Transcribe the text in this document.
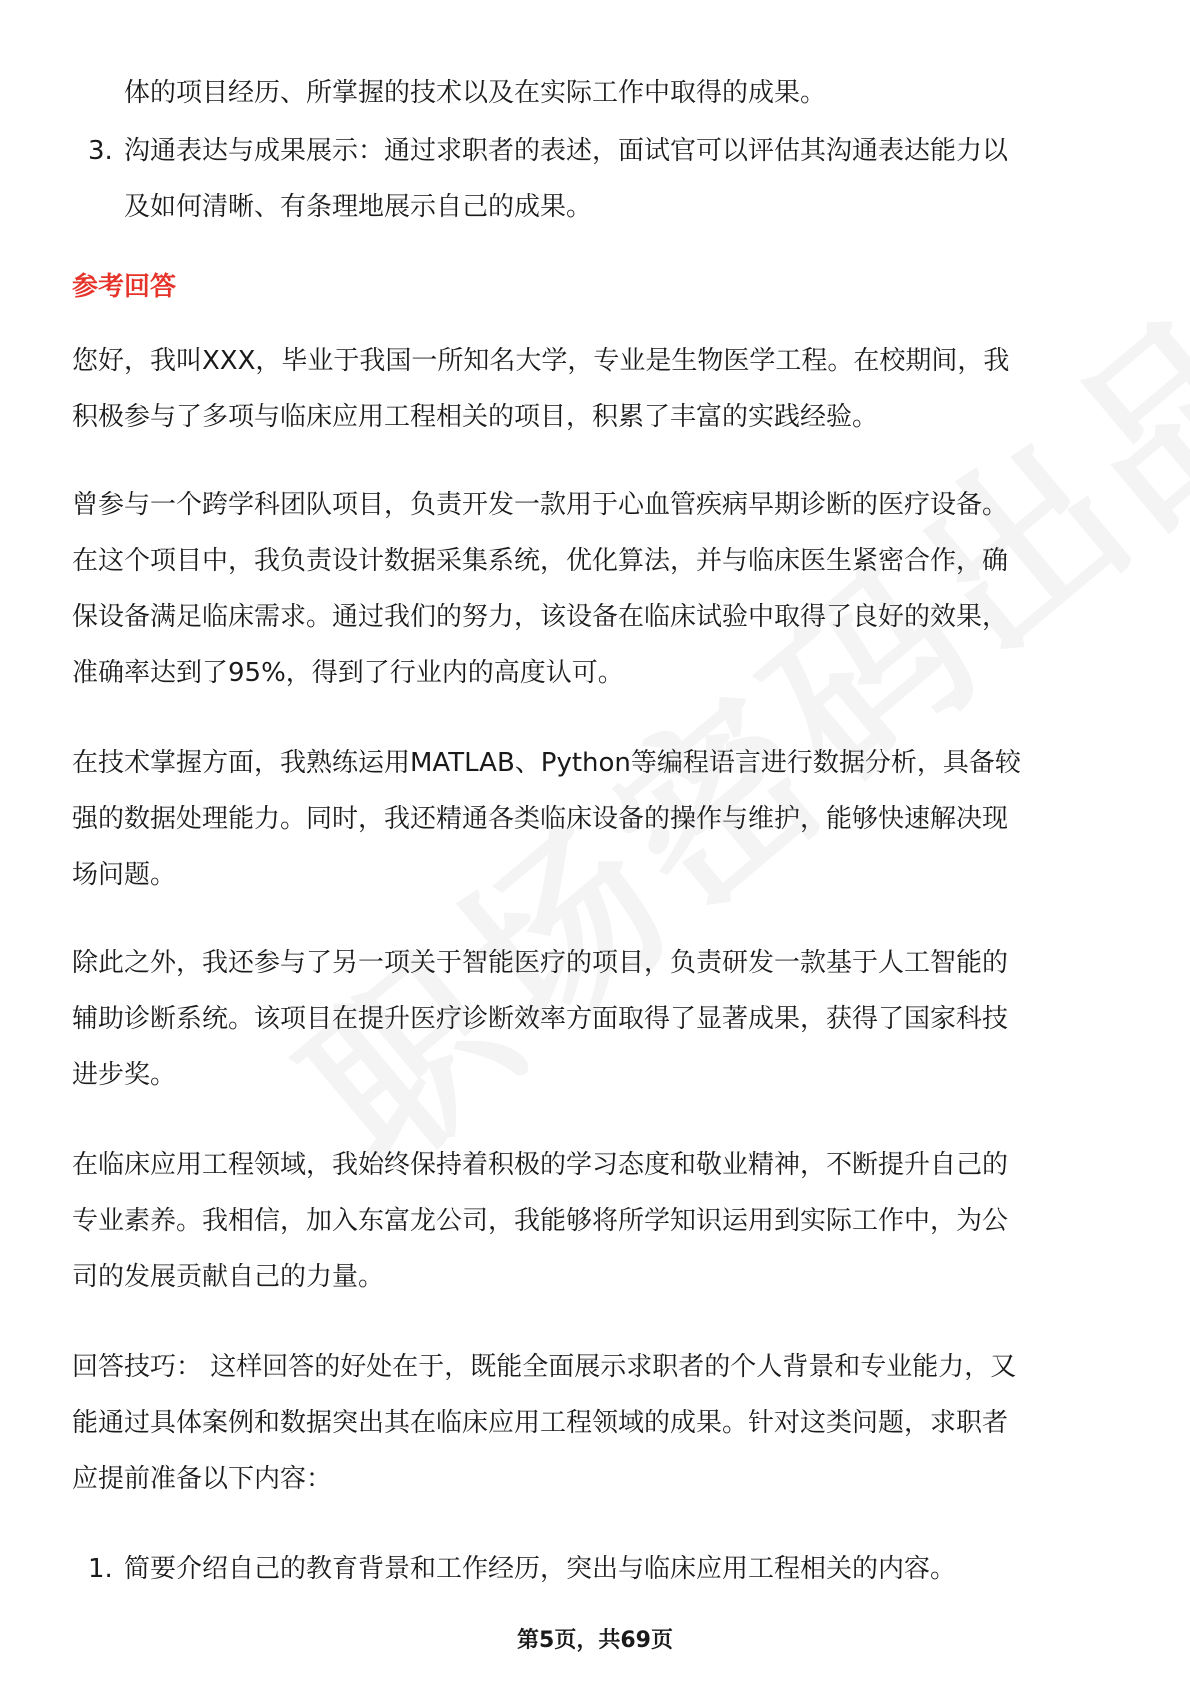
体的项目经历、所掌握的技术以及在实际工作中取得的成果。
3. 沟通表达与成果展示：通过求职者的表述，面试官可以评估其沟通表达能力以
及如何清晰、有条理地展示自己的成果。
参考回答
您好，我叫XXX，毕业于我国一所知名大学，专业是生物医学工程。在校期间，我
积极参与了多项与临床应用工程相关的项目，积累了丰富的实践经验。
曾参与一个跨学科团队项目，负责开发一款用于心血管疾病早期诊断的医疗设备。
在这个项目中，我负责设计数据采集系统，优化算法，并与临床医生紧密合作，确
保设备满足临床需求。通过我们的努力，该设备在临床试验中取得了良好的效果，
准确率达到了95%，得到了行业内的高度认可。
在技术掌握方面，我熟练运用MATLAB、Python等编程语言进行数据分析，具备较
强的数据处理能力。同时，我还精通各类临床设备的操作与维护，能够快速解决现
场问题。
除此之外，我还参与了另一项关于智能医疗的项目，负责研发一款基于人工智能的
辅助诊断系统。该项目在提升医疗诊断效率方面取得了显著成果，获得了国家科技
进步奖。
在临床应用工程领域，我始终保持着积极的学习态度和敬业精神，不断提升自己的
专业素养。我相信，加入东富龙公司，我能够将所学知识运用到实际工作中，为公
司的发展贡献自己的力量。
回答技巧： 这样回答的好处在于，既能全面展示求职者的个人背景和专业能力，又
能通过具体案例和数据突出其在临床应用工程领域的成果。针对这类问题，求职者
应提前准备以下内容：
1. 简要介绍自己的教育背景和工作经历，突出与临床应用工程相关的内容。
第5页，共69页
